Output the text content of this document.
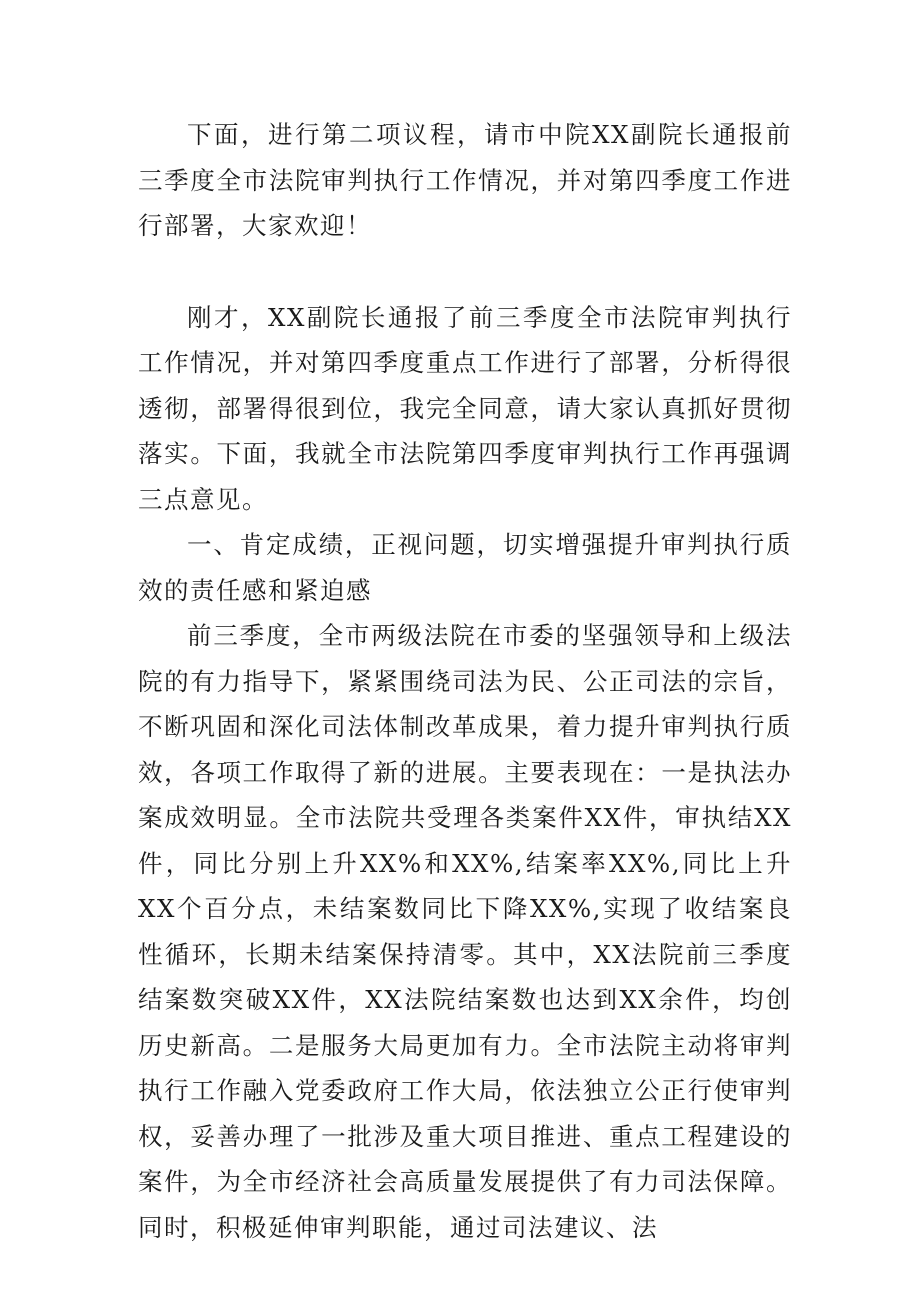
下面，进行第二项议程，请市中院XX副院长通报前三季度全市法院审判执行工作情况，并对第四季度工作进行部署，大家欢迎！

刚才，XX副院长通报了前三季度全市法院审判执行工作情况，并对第四季度重点工作进行了部署，分析得很透彻，部署得很到位，我完全同意，请大家认真抓好贯彻落实。下面，我就全市法院第四季度审判执行工作再强调三点意见。

一、肯定成绩，正视问题，切实增强提升审判执行质效的责任感和紧迫感

前三季度，全市两级法院在市委的坚强领导和上级法院的有力指导下，紧紧围绕司法为民、公正司法的宗旨，不断巩固和深化司法体制改革成果，着力提升审判执行质效，各项工作取得了新的进展。主要表现在：一是执法办案成效明显。全市法院共受理各类案件XX件，审执结XX件，同比分别上升XX%和XX%,结案率XX%,同比上升XX个百分点，未结案数同比下降XX%,实现了收结案良性循环，长期未结案保持清零。其中，XX法院前三季度结案数突破XX件，XX法院结案数也达到XX余件，均创历史新高。二是服务大局更加有力。全市法院主动将审判执行工作融入党委政府工作大局，依法独立公正行使审判权，妥善办理了一批涉及重大项目推进、重点工程建设的案件，为全市经济社会高质量发展提供了有力司法保障。同时，积极延伸审判职能，通过司法建议、法
